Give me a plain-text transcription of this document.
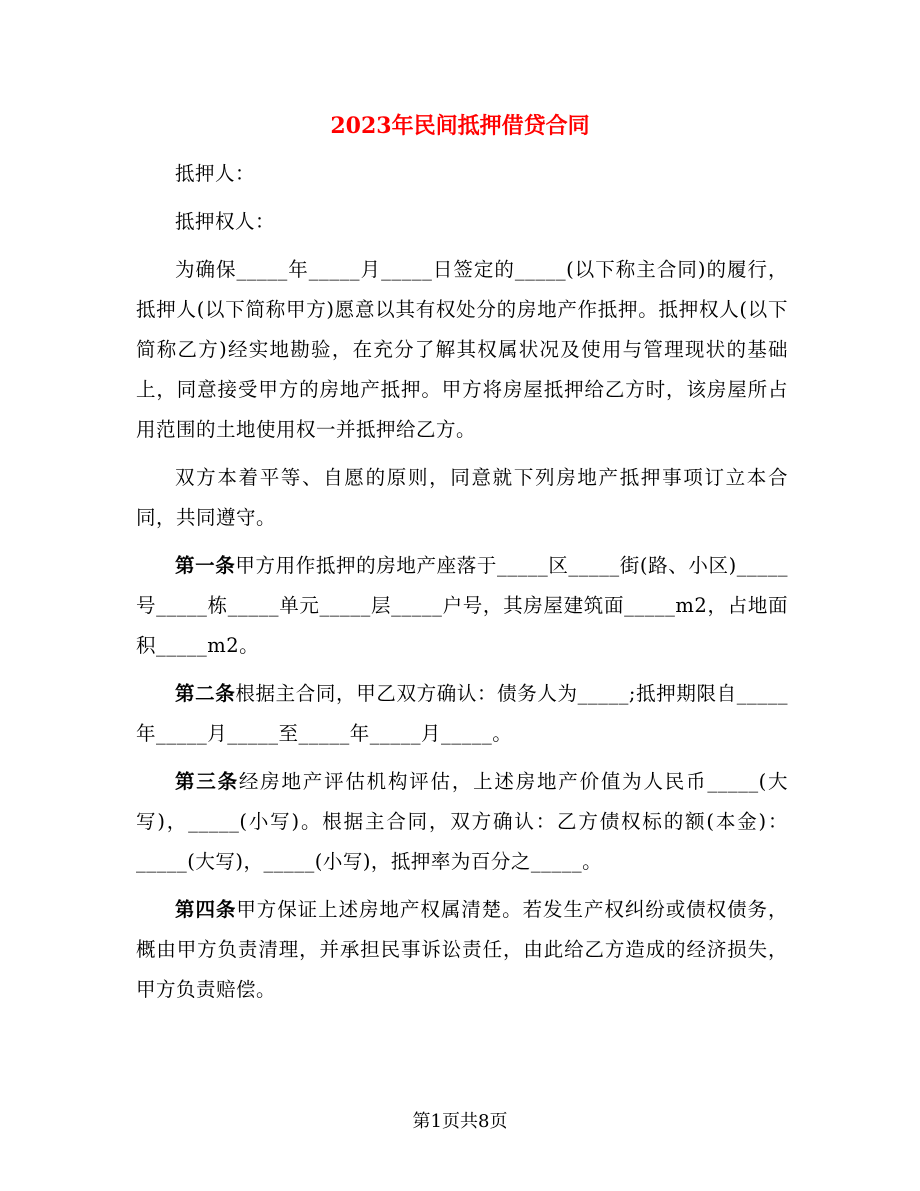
2023年民间抵押借贷合同

抵押人：

抵押权人：

为确保_____年_____月_____日签定的_____(以下称主合同)的履行，抵押人(以下简称甲方)愿意以其有权处分的房地产作抵押。抵押权人(以下简称乙方)经实地勘验，在充分了解其权属状况及使用与管理现状的基础上，同意接受甲方的房地产抵押。甲方将房屋抵押给乙方时，该房屋所占用范围的土地使用权一并抵押给乙方。

双方本着平等、自愿的原则，同意就下列房地产抵押事项订立本合同，共同遵守。

第一条甲方用作抵押的房地产座落于_____区_____街(路、小区)_____号_____栋_____单元_____层_____户号，其房屋建筑面_____m2，占地面积_____m2。

第二条根据主合同，甲乙双方确认：债务人为_____;抵押期限自_____年_____月_____至_____年_____月_____。

第三条经房地产评估机构评估，上述房地产价值为人民币_____(大写)，_____(小写)。根据主合同，双方确认：乙方债权标的额(本金)：_____(大写)，_____(小写)，抵押率为百分之_____。

第四条甲方保证上述房地产权属清楚。若发生产权纠纷或债权债务，概由甲方负责清理，并承担民事诉讼责任，由此给乙方造成的经济损失，甲方负责赔偿。

第1页共8页
